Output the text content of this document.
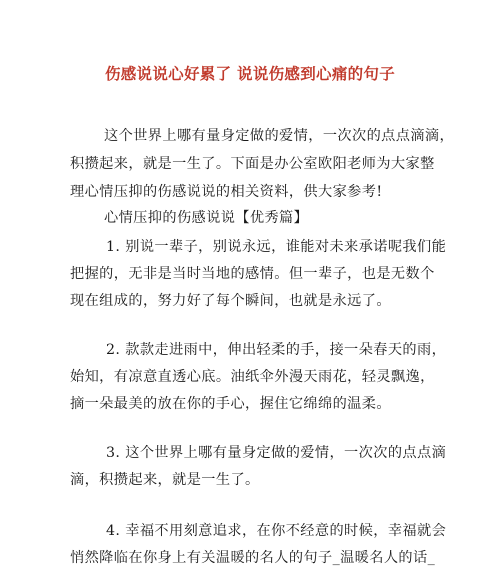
伤感说说心好累了 说说伤感到心痛的句子
这个世界上哪有量身定做的爱情，一次次的点点滴滴，
积攒起来，就是一生了。下面是办公室欧阳老师为大家整
理心情压抑的伤感说说的相关资料，供大家参考!
心情压抑的伤感说说【优秀篇】
1. 别说一辈子，别说永远，谁能对未来承诺呢我们能
把握的，无非是当时当地的感情。但一辈子，也是无数个
现在组成的，努力好了每个瞬间，也就是永远了。
2. 款款走进雨中，伸出轻柔的手，接一朵春天的雨，
始知，有凉意直透心底。油纸伞外漫天雨花，轻灵飘逸，
摘一朵最美的放在你的手心，握住它绵绵的温柔。
3. 这个世界上哪有量身定做的爱情，一次次的点点滴
滴，积攒起来，就是一生了。
4. 幸福不用刻意追求，在你不经意的时候，幸福就会
悄然降临在你身上有关温暖的名人的句子_温暖名人的话_
